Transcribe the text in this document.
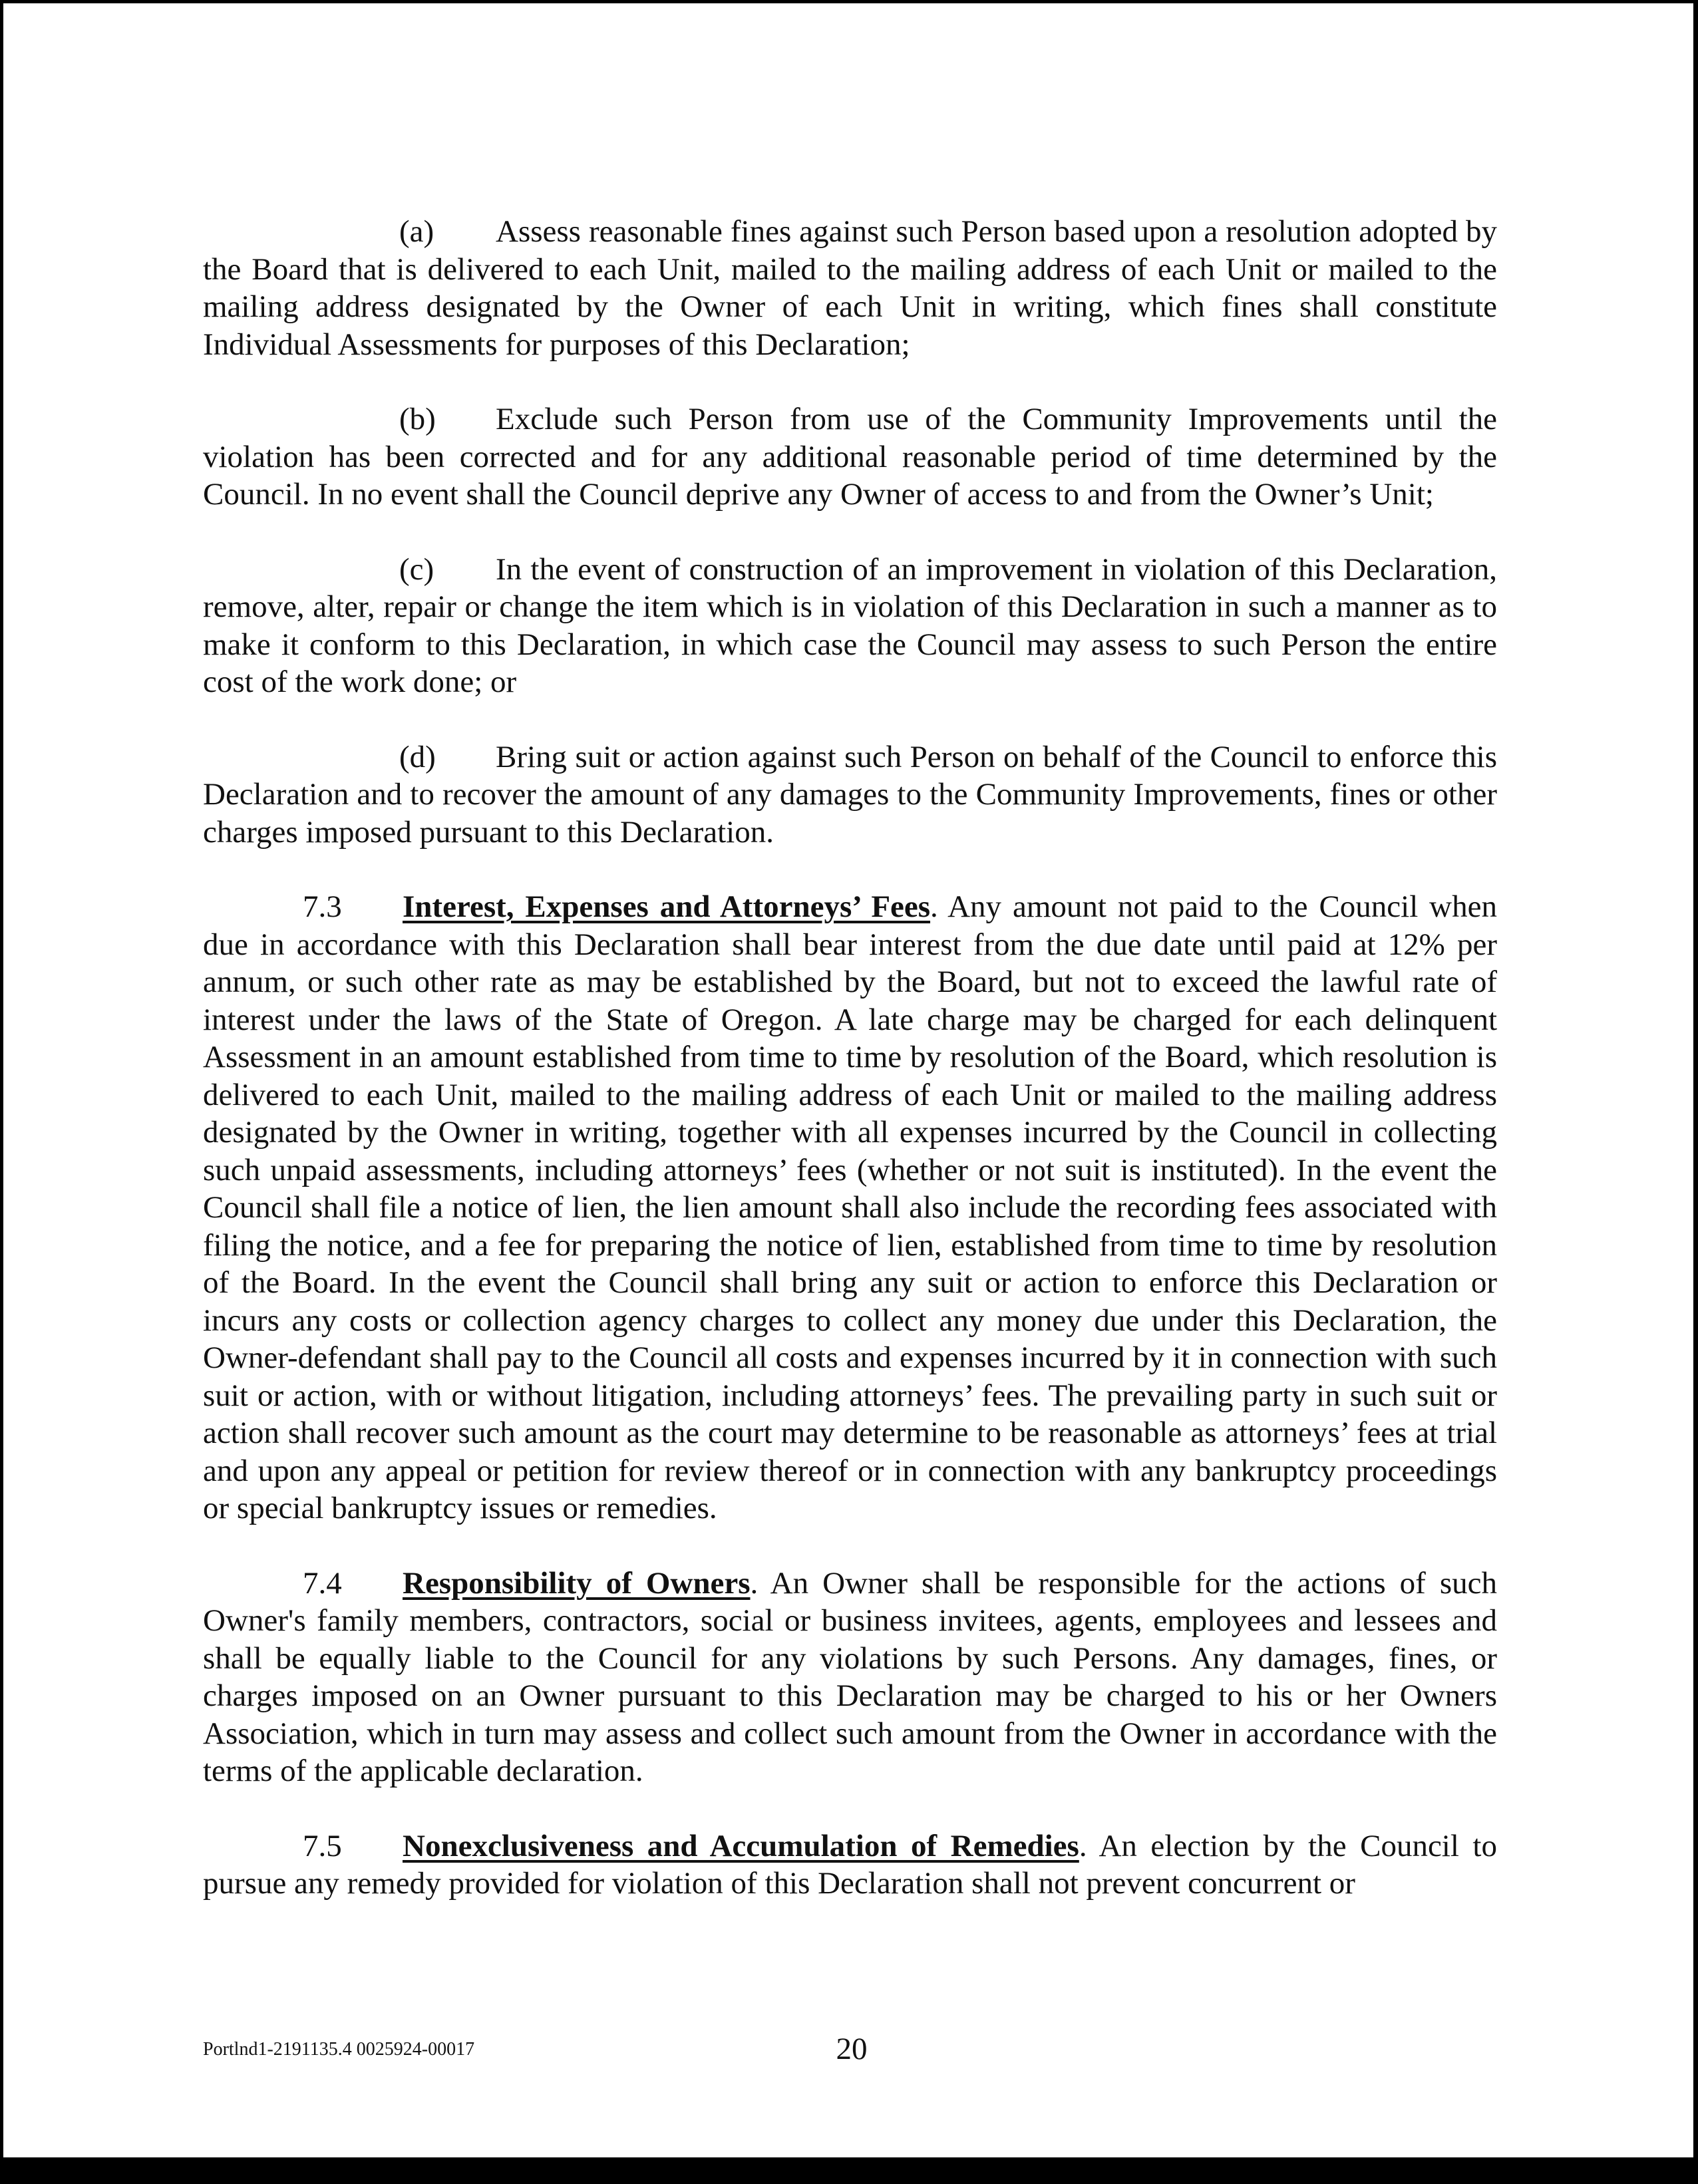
(a) Assess reasonable fines against such Person based upon a resolution adopted by the Board that is delivered to each Unit, mailed to the mailing address of each Unit or mailed to the mailing address designated by the Owner of each Unit in writing, which fines shall constitute Individual Assessments for purposes of this Declaration;

(b) Exclude such Person from use of the Community Improvements until the violation has been corrected and for any additional reasonable period of time determined by the Council. In no event shall the Council deprive any Owner of access to and from the Owner’s Unit;

(c) In the event of construction of an improvement in violation of this Declaration, remove, alter, repair or change the item which is in violation of this Declaration in such a manner as to make it conform to this Declaration, in which case the Council may assess to such Person the entire cost of the work done; or

(d) Bring suit or action against such Person on behalf of the Council to enforce this Declaration and to recover the amount of any damages to the Community Improvements, fines or other charges imposed pursuant to this Declaration.

7.3 Interest, Expenses and Attorneys’ Fees. Any amount not paid to the Council when due in accordance with this Declaration shall bear interest from the due date until paid at 12% per annum, or such other rate as may be established by the Board, but not to exceed the lawful rate of interest under the laws of the State of Oregon. A late charge may be charged for each delinquent Assessment in an amount established from time to time by resolution of the Board, which resolution is delivered to each Unit, mailed to the mailing address of each Unit or mailed to the mailing address designated by the Owner in writing, together with all expenses incurred by the Council in collecting such unpaid assessments, including attorneys’ fees (whether or not suit is instituted). In the event the Council shall file a notice of lien, the lien amount shall also include the recording fees associated with filing the notice, and a fee for preparing the notice of lien, established from time to time by resolution of the Board. In the event the Council shall bring any suit or action to enforce this Declaration or incurs any costs or collection agency charges to collect any money due under this Declaration, the Owner-defendant shall pay to the Council all costs and expenses incurred by it in connection with such suit or action, with or without litigation, including attorneys’ fees. The prevailing party in such suit or action shall recover such amount as the court may determine to be reasonable as attorneys’ fees at trial and upon any appeal or petition for review thereof or in connection with any bankruptcy proceedings or special bankruptcy issues or remedies.

7.4 Responsibility of Owners. An Owner shall be responsible for the actions of such Owner's family members, contractors, social or business invitees, agents, employees and lessees and shall be equally liable to the Council for any violations by such Persons. Any damages, fines, or charges imposed on an Owner pursuant to this Declaration may be charged to his or her Owners Association, which in turn may assess and collect such amount from the Owner in accordance with the terms of the applicable declaration.

7.5 Nonexclusiveness and Accumulation of Remedies. An election by the Council to pursue any remedy provided for violation of this Declaration shall not prevent concurrent or

Portlnd1-2191135.4 0025924-00017	20
